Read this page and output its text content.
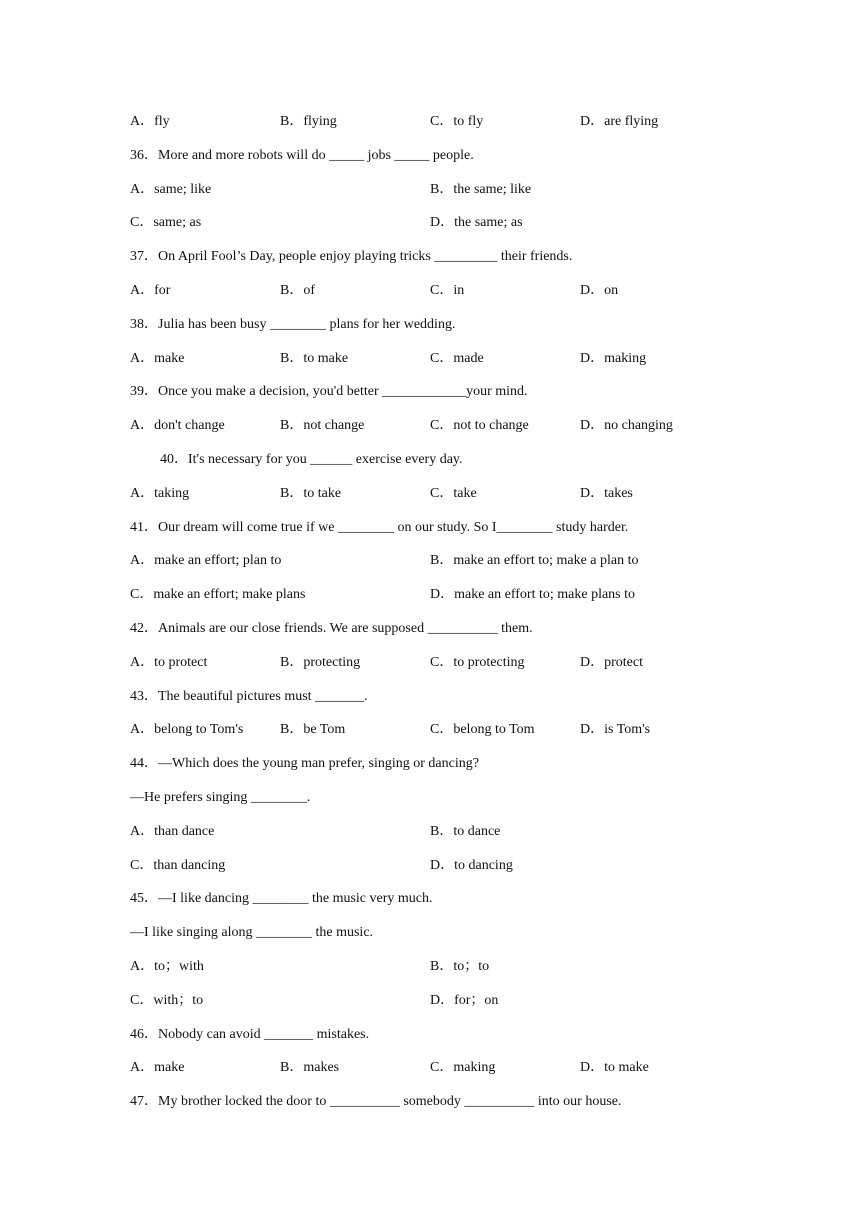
A．fly	B．flying	C．to fly	D．are flying
36．More and more robots will do _____ jobs _____ people.
A．same; like	B．the same; like
C．same; as	D．the same; as
37．On April Fool’s Day, people enjoy playing tricks _________ their friends.
A．for	B．of	C．in	D．on
38．Julia has been busy ________ plans for her wedding.
A．make	B．to make	C．made	D．making
39．Once you make a decision, you'd better ____________your mind.
A．don't change	B．not change	C．not to change	D．no changing
40．It's necessary for you ______ exercise every day.
A．taking	B．to take	C．take	D．takes
41．Our dream will come true if we ________ on our study. So I________ study harder.
A．make an effort; plan to	B．make an effort to; make a plan to
C．make an effort; make plans	D．make an effort to; make plans to
42．Animals are our close friends. We are supposed __________ them.
A．to protect	B．protecting	C．to protecting	D．protect
43．The beautiful pictures must _______.
A．belong to Tom's	B．be Tom	C．belong to Tom	D．is Tom's
44．—Which does the young man prefer, singing or dancing?
—He prefers singing ________.
A．than dance	B．to dance
C．than dancing	D．to dancing
45．—I like dancing ________ the music very much.
—I like singing along ________ the music.
A．to；with	B．to；to
C．with；to	D．for；on
46．Nobody can avoid _______ mistakes.
A．make	B．makes	C．making	D．to make
47．My brother locked the door to __________ somebody __________ into our house.
